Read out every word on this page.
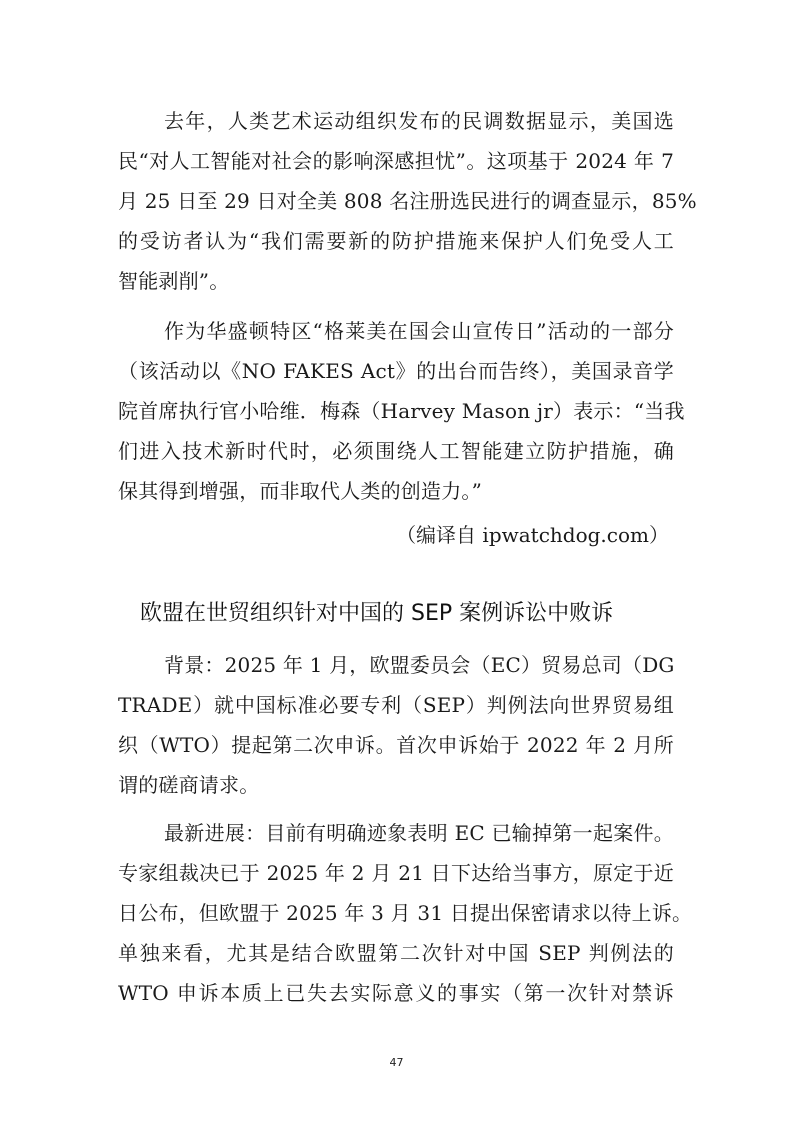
去年，人类艺术运动组织发布的民调数据显示，美国选
民“对人工智能对社会的影响深感担忧”。这项基于 2024 年 7
月 25 日至 29 日对全美 808 名注册选民进行的调查显示，85%
的受访者认为“我们需要新的防护措施来保护人们免受人工
智能剥削”。
作为华盛顿特区“格莱美在国会山宣传日”活动的一部分
（该活动以《NO FAKES Act》的出台而告终），美国录音学
院首席执行官小哈维．梅森（Harvey Mason jr）表示：“当我
们进入技术新时代时，必须围绕人工智能建立防护措施，确
保其得到增强，而非取代人类的创造力。”
（编译自 ipwatchdog.com）
欧盟在世贸组织针对中国的 SEP 案例诉讼中败诉
背景：2025 年 1 月，欧盟委员会（EC）贸易总司（DG
TRADE）就中国标准必要专利（SEP）判例法向世界贸易组
织（WTO）提起第二次申诉。首次申诉始于 2022 年 2 月所
谓的磋商请求。
最新进展：目前有明确迹象表明 EC 已输掉第一起案件。
专家组裁决已于 2025 年 2 月 21 日下达给当事方，原定于近
日公布，但欧盟于 2025 年 3 月 31 日提出保密请求以待上诉。
单独来看，尤其是结合欧盟第二次针对中国 SEP 判例法的
WTO 申诉本质上已失去实际意义的事实（第一次针对禁诉
47
